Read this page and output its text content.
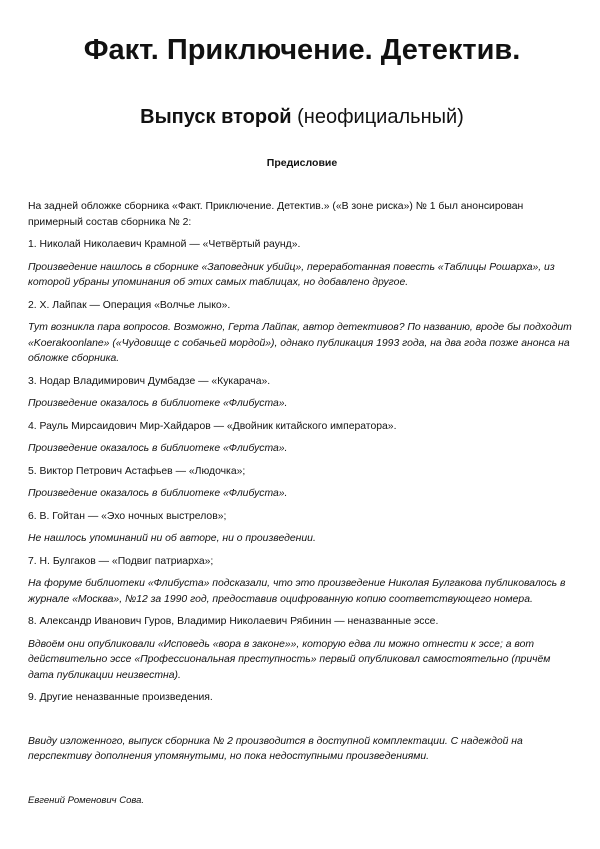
Факт. Приключение. Детектив.
Выпуск второй (неофициальный)
Предисловие

На задней обложке сборника «Факт. Приключение. Детектив.» («В зоне риска») № 1 был анонсирован примерный состав сборника № 2:

1. Николай Николаевич Крамной — «Четвёртый раунд».

Произведение нашлось в сборнике «Заповедник убийц», переработанная повесть «Таблицы Рошарха», из которой убраны упоминания об этих самых таблицах, но добавлено другое.

2. Х. Лайпак — Операция «Волчье лыко».

Тут возникла пара вопросов. Возможно, Герта Лайпак, автор детективов? По названию, вроде бы подходит «Koerakoonlane» («Чудовище с собачьей мордой»), однако публикация 1993 года, на два года позже анонса на обложке сборника.

3. Нодар Владимирович Думбадзе — «Кукарача».

Произведение оказалось в библиотеке «Флибуста».

4. Рауль Мирсаидович Мир-Хайдаров — «Двойник китайского императора».

Произведение оказалось в библиотеке «Флибуста».

5. Виктор Петрович Астафьев — «Людочка»;

Произведение оказалось в библиотеке «Флибуста».

6. В. Гойтан — «Эхо ночных выстрелов»;

Не нашлось упоминаний ни об авторе, ни о произведении.

7. Н. Булгаков — «Подвиг патриарха»;

На форуме библиотеки «Флибуста» подсказали, что это произведение Николая Булгакова публиковалось в журнале «Москва», №12 за 1990 год, предоставив оцифрованную копию соответствующего номера.

8. Александр Иванович Гуров, Владимир Николаевич Рябинин — неназванные эссе.

Вдвоём они опубликовали «Исповедь «вора в законе»», которую едва ли можно отнести к эссе; а вот действительно эссе «Профессиональная преступность» первый опубликовал самостоятельно (причём дата публикации неизвестна).

9. Другие неназванные произведения.

Ввиду изложенного, выпуск сборника № 2 производится в доступной комплектации. С надеждой на перспективу дополнения упомянутыми, но пока недоступными произведениями.

Евгений Роменович Сова.
